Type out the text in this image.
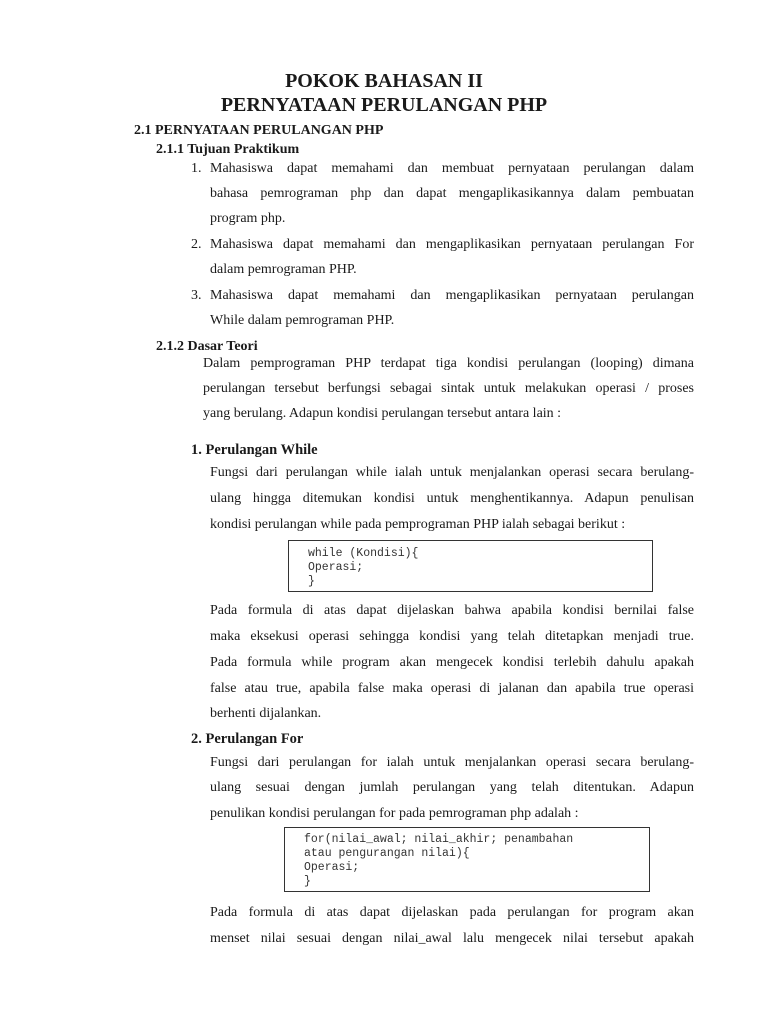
POKOK BAHASAN II
PERNYATAAN PERULANGAN PHP
2.1 PERNYATAAN PERULANGAN PHP
2.1.1 Tujuan Praktikum
1. Mahasiswa dapat memahami dan membuat pernyataan perulangan dalam
bahasa pemrograman php dan dapat mengaplikasikannya dalam pembuatan
program php.
2. Mahasiswa dapat memahami dan mengaplikasikan pernyataan perulangan For
dalam pemrograman PHP.
3. Mahasiswa dapat memahami dan mengaplikasikan pernyataan perulangan
While dalam pemrograman PHP.
2.1.2 Dasar Teori
Dalam pemprograman PHP terdapat tiga kondisi perulangan (looping) dimana
perulangan tersebut berfungsi sebagai sintak untuk melakukan operasi / proses
yang berulang. Adapun kondisi perulangan tersebut antara lain :
1. Perulangan While
Fungsi dari perulangan while ialah untuk menjalankan operasi secara berulang-
ulang hingga ditemukan kondisi untuk menghentikannya. Adapun penulisan
kondisi perulangan while pada pemprograman PHP ialah sebagai berikut :
while (Kondisi){
Operasi;
}
Pada formula di atas dapat dijelaskan bahwa apabila kondisi bernilai false
maka eksekusi operasi sehingga kondisi yang telah ditetapkan menjadi true.
Pada formula while program akan mengecek kondisi terlebih dahulu apakah
false atau true, apabila false maka operasi di jalanan dan apabila true operasi
berhenti dijalankan.
2. Perulangan For
Fungsi dari perulangan for ialah untuk menjalankan operasi secara berulang-
ulang sesuai dengan jumlah perulangan yang telah ditentukan. Adapun
penulikan kondisi perulangan for pada pemrograman php adalah :
for(nilai_awal; nilai_akhir; penambahan
atau pengurangan nilai){
Operasi;
}
Pada formula di atas dapat dijelaskan pada perulangan for program akan
menset nilai sesuai dengan nilai_awal lalu mengecek nilai tersebut apakah
